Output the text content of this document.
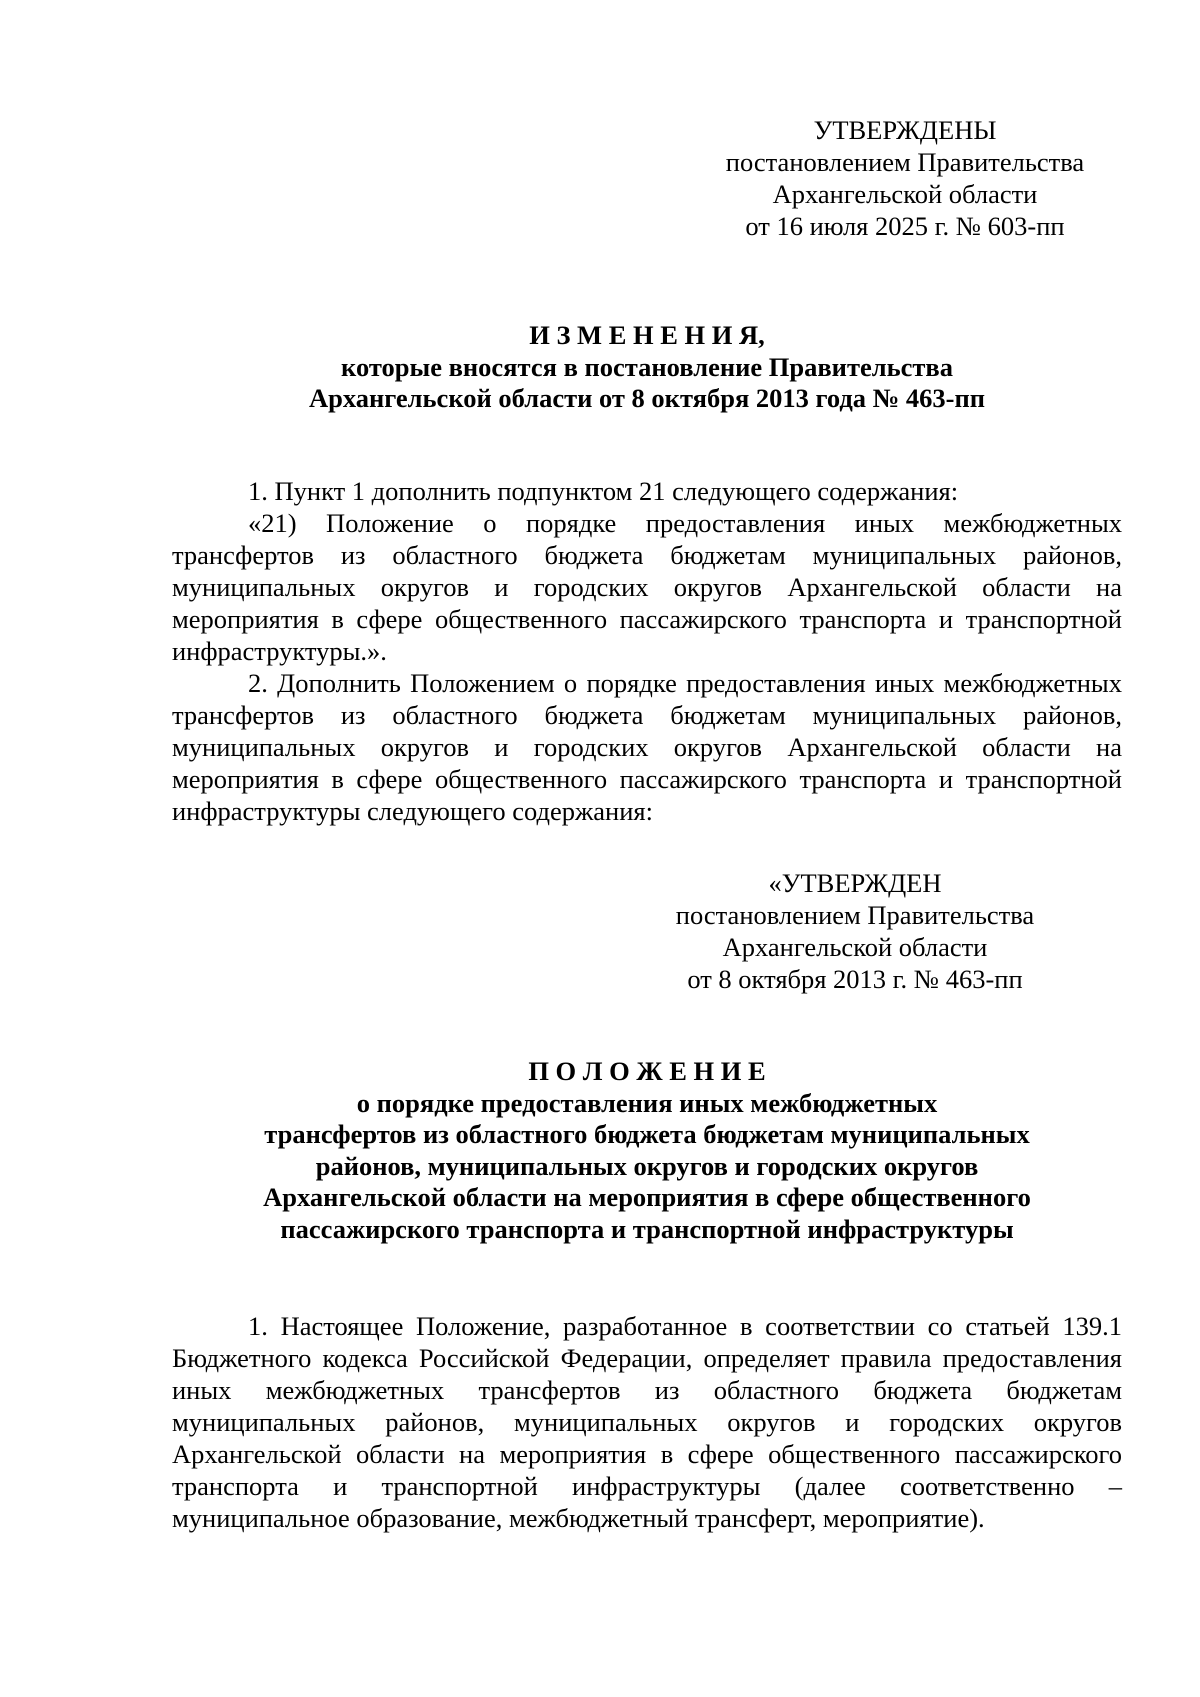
УТВЕРЖДЕНЫ
постановлением Правительства
Архангельской области
от 16 июля 2025 г. № 603-пп
И З М Е Н Е Н И Я,
которые вносятся в постановление Правительства
Архангельской области от 8 октября 2013 года № 463-пп

1. Пункт 1 дополнить подпунктом 21 следующего содержания:

«21) Положение о порядке предоставления иных межбюджетных трансфертов из областного бюджета бюджетам муниципальных районов, муниципальных округов и городских округов Архангельской области на мероприятия в сфере общественного пассажирского транспорта и транспортной инфраструктуры.».

2. Дополнить Положением о порядке предоставления иных межбюджетных трансфертов из областного бюджета бюджетам муниципальных районов, муниципальных округов и городских округов Архангельской области на мероприятия в сфере общественного пассажирского транспорта и транспортной инфраструктуры следующего содержания:

«УТВЕРЖДЕН
постановлением Правительства
Архангельской области
от 8 октября 2013 г. № 463-пп
П О Л О Ж Е Н И Е
о порядке предоставления иных межбюджетных
трансфертов из областного бюджета бюджетам муниципальных
районов, муниципальных округов и городских округов
Архангельской области на мероприятия в сфере общественного
пассажирского транспорта и транспортной инфраструктуры

1. Настоящее Положение, разработанное в соответствии со статьей 139.1 Бюджетного кодекса Российской Федерации, определяет правила предоставления иных межбюджетных трансфертов из областного бюджета бюджетам муниципальных районов, муниципальных округов и городских округов Архангельской области на мероприятия в сфере общественного пассажирского транспорта и транспортной инфраструктуры (далее соответственно – муниципальное образование, межбюджетный трансферт, мероприятие).
